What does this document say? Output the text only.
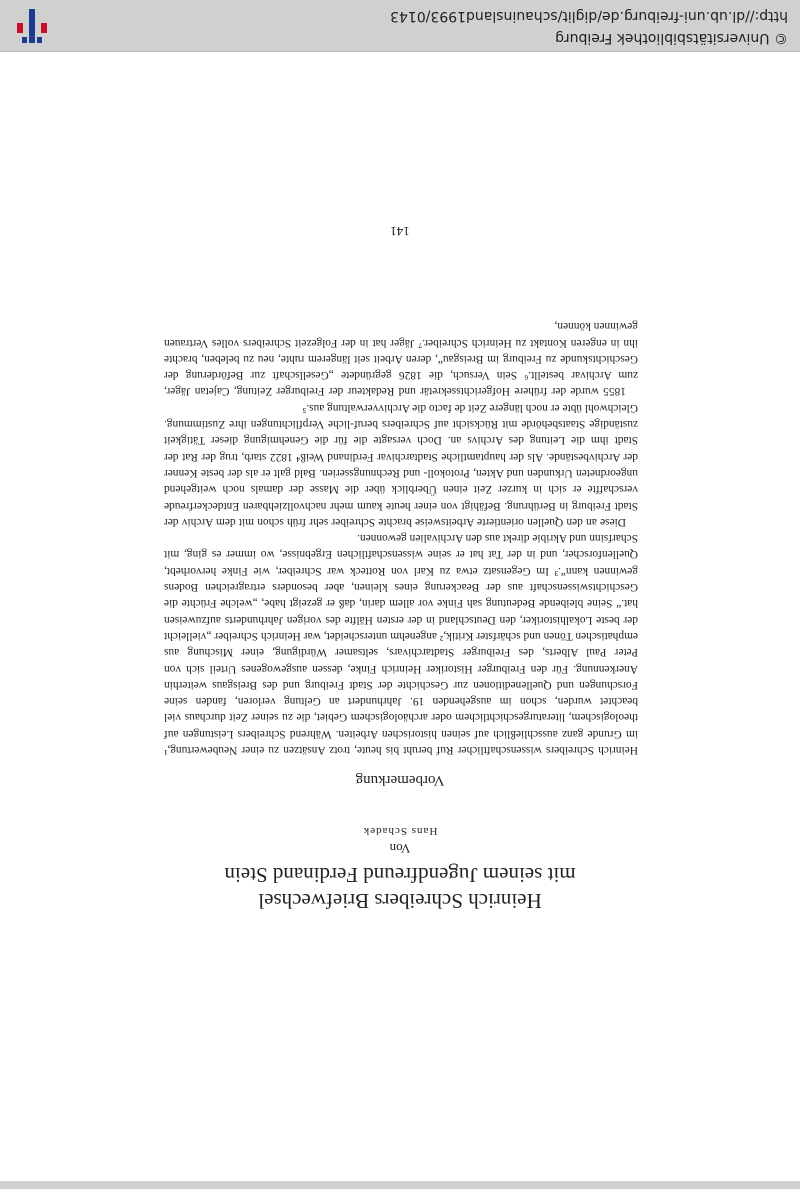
Heinrich Schreibers Briefwechsel
mit seinem Jugendfreund Ferdinand Stein
Von
Hans Schadek
Vorbemerkung

Heinrich Schreibers wissenschaftlicher Ruf beruht bis heute, trotz Ansätzen zu einer Neubewertung,¹ im Grunde ganz ausschließlich auf seinen historischen Arbeiten. Während Schreibers Leistungen auf theologischem, literaturgeschichtlichem oder archäologischem Gebiet, die zu seiner Zeit durchaus viel beachtet wurden, schon im ausgehenden 19. Jahrhundert an Geltung verloren, fanden seine Forschungen und Quelleneditionen zur Geschichte der Stadt Freiburg und des Breisgaus weiterhin Anerkennung. Für den Freiburger Historiker Heinrich Finke, dessen ausgewogenes Urteil sich von Peter Paul Alberts, des Freiburger Stadtarchivars, seltsamer Würdigung, einer Mischung aus emphatischen Tönen und schärfster Kritik,² angenehm unterscheidet, war Heinrich Schreiber „vielleicht der beste Lokalhistoriker, den Deutschland in der ersten Hälfte des vorigen Jahrhunderts aufzuweisen hat.“ Seine bleibende Bedeutung sah Finke vor allem darin, daß er gezeigt habe, „welche Früchte die Geschichtswissenschaft aus der Beackerung eines kleinen, aber besonders ertragreichen Bodens gewinnen kann“.³ Im Gegensatz etwa zu Karl von Rotteck war Schreiber, wie Finke hervorhebt, Quellenforscher, und in der Tat hat er seine wissenschaftlichen Ergebnisse, wo immer es ging, mit Scharfsinn und Akribie direkt aus den Archivalien gewonnen.

Diese an den Quellen orientierte Arbeitsweise brachte Schreiber sehr früh schon mit dem Archiv der Stadt Freiburg in Berührung. Befähigt von einer heute kaum mehr nachvollziehbaren Entdeckerfreude verschaffte er sich in kurzer Zeit einen Überblick über die Masse der damals noch weitgehend ungeordneten Urkunden und Akten, Protokoll- und Rechnungsserien. Bald galt er als der beste Kenner der Archivbestände. Als der hauptamtliche Stadtarchivar Ferdinand Weiß⁴ 1822 starb, trug der Rat der Stadt ihm die Leitung des Archivs an. Doch versagte die für die Genehmigung dieser Tätigkeit zuständige Staatsbehörde mit Rücksicht auf Schreibers beruf-liche Verpflichtungen ihre Zustimmung. Gleichwohl übte er noch längere Zeit de facto die Archivverwaltung aus.⁵

1855 wurde der frühere Hofgerichtssekretär und Redakteur der Freiburger Zeitung, Cajetan Jäger, zum Archivar bestellt.⁶ Sein Versuch, die 1826 gegründete „Gesellschaft zur Beförderung der Geschichtskunde zu Freiburg im Breisgau“, deren Arbeit seit längerem ruhte, neu zu beleben, brachte ihn in engeren Kontakt zu Heinrich Schreiber.⁷ Jäger hat in der Folgezeit Schreibers volles Vertrauen gewinnen können,

141
© Universitätsbibliothek Freiburg
http://dl.ub.uni-freiburg.de/diglit/schauinsland1993/0143
